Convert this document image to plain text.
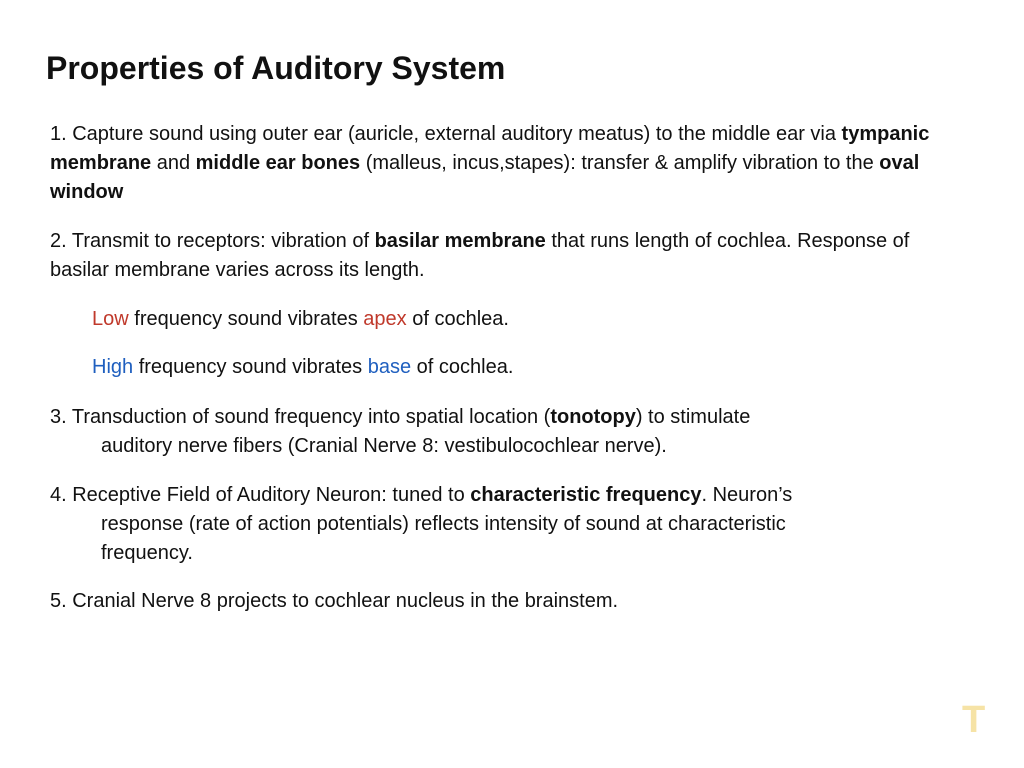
Properties of Auditory System

1. Capture sound using outer ear (auricle, external auditory meatus) to the middle ear via tympanic membrane and middle ear bones (malleus, incus,stapes): transfer & amplify vibration to the oval window

2. Transmit to receptors: vibration of basilar membrane that runs length of cochlea. Response of basilar membrane varies across its length.

Low frequency sound vibrates apex of cochlea.

High frequency sound vibrates base of cochlea.

3. Transduction of sound frequency into spatial location (tonotopy) to stimulate
auditory nerve fibers (Cranial Nerve 8: vestibulocochlear nerve).

4. Receptive Field of Auditory Neuron: tuned to characteristic frequency. Neuron’s
response (rate of action potentials) reflects intensity of sound at characteristic
frequency.

5. Cranial Nerve 8 projects to cochlear nucleus in the brainstem.

T
